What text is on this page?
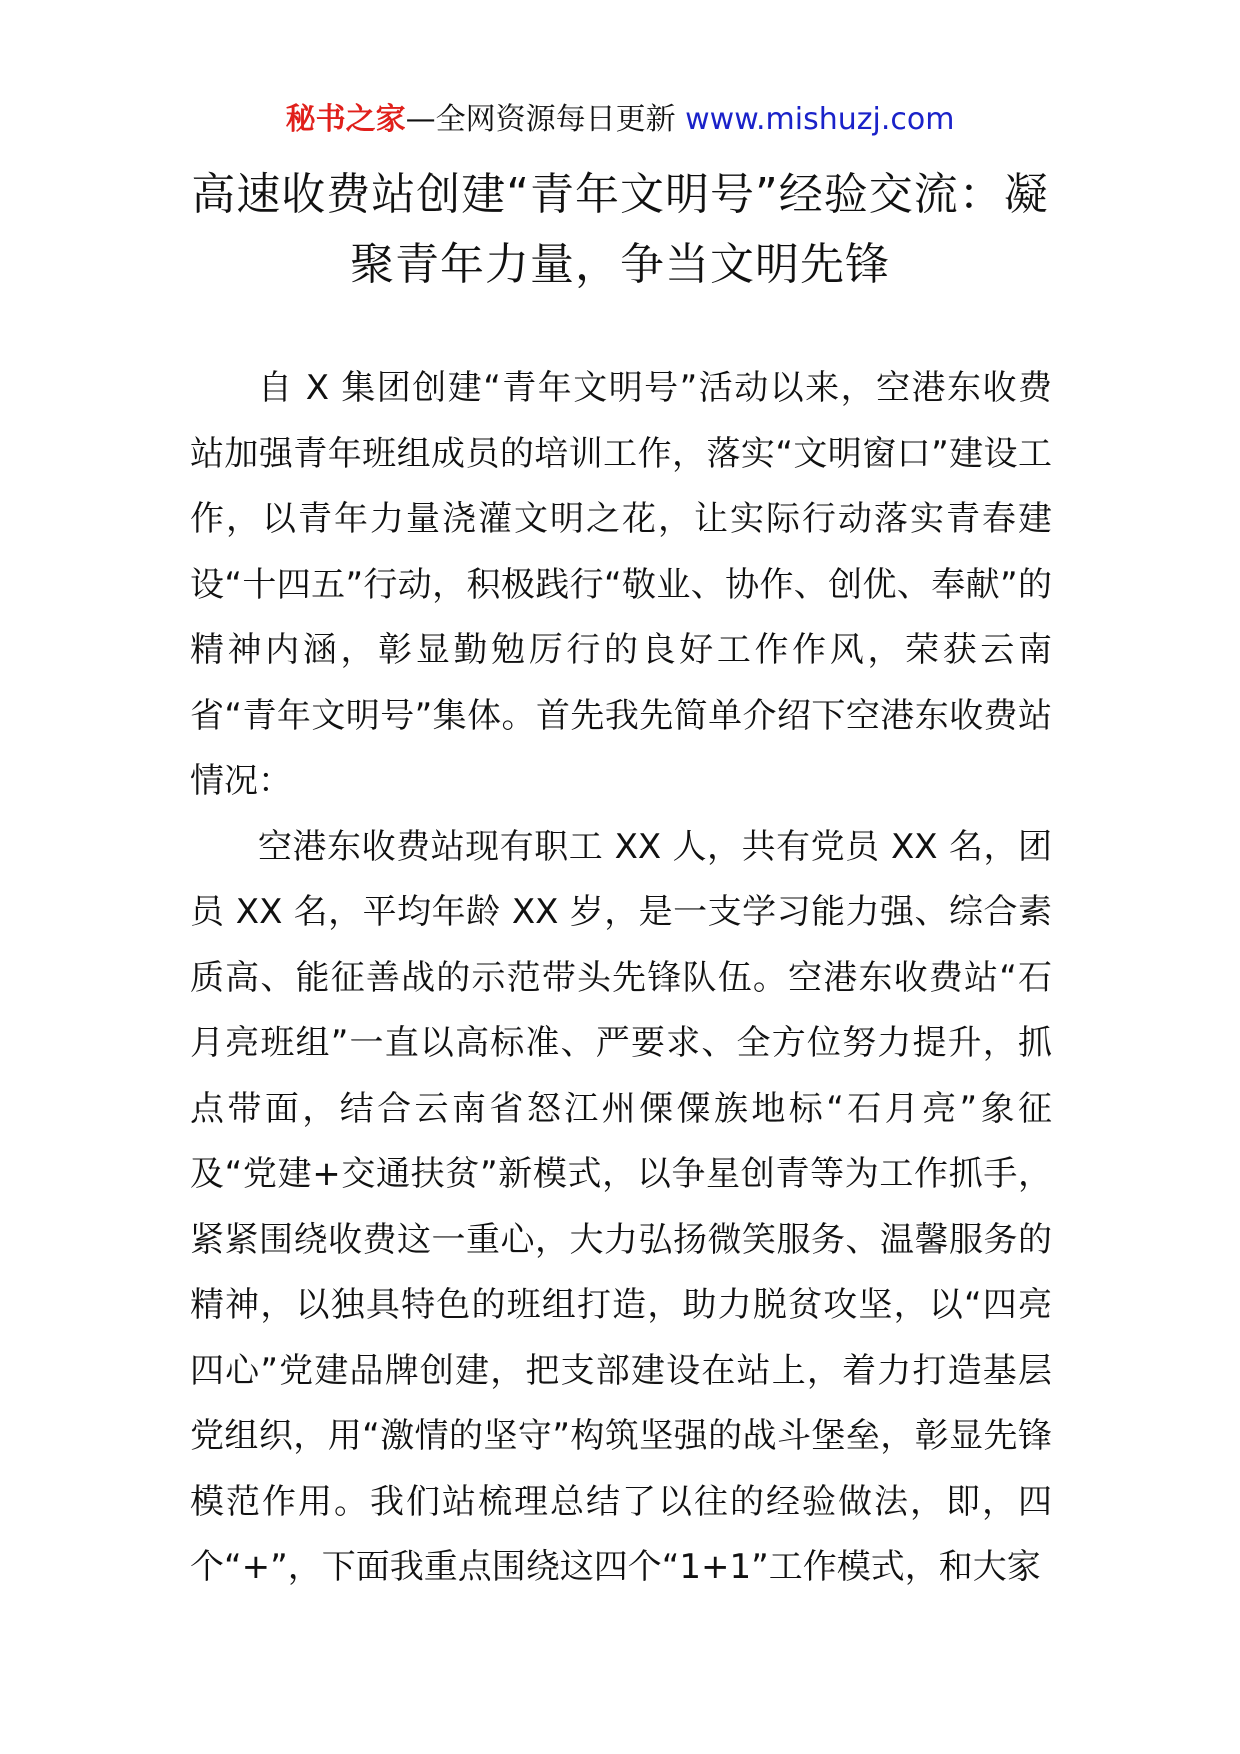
秘书之家—全网资源每日更新 www.mishuzj.com
高速收费站创建“青年文明号”经验交流：凝聚青年力量，争当文明先锋

自 X 集团创建“青年文明号”活动以来，空港东收费站加强青年班组成员的培训工作，落实“文明窗口”建设工作，以青年力量浇灌文明之花，让实际行动落实青春建设“十四五”行动，积极践行“敬业、协作、创优、奉献”的精神内涵，彰显勤勉厉行的良好工作作风，荣获云南省“青年文明号”集体。首先我先简单介绍下空港东收费站情况：

空港东收费站现有职工 XX 人，共有党员 XX 名，团员 XX 名，平均年龄 XX 岁，是一支学习能力强、综合素质高、能征善战的示范带头先锋队伍。空港东收费站“石月亮班组”一直以高标准、严要求、全方位努力提升，抓点带面，结合云南省怒江州傈僳族地标“石月亮”象征及“党建+交通扶贫”新模式，以争星创青等为工作抓手，紧紧围绕收费这一重心，大力弘扬微笑服务、温馨服务的精神，以独具特色的班组打造，助力脱贫攻坚，以“四亮四心”党建品牌创建，把支部建设在站上，着力打造基层党组织，用“激情的坚守”构筑坚强的战斗堡垒，彰显先锋模范作用。我们站梳理总结了以往的经验做法，即，四个“+”，下面我重点围绕这四个“1+1”工作模式，和大家
